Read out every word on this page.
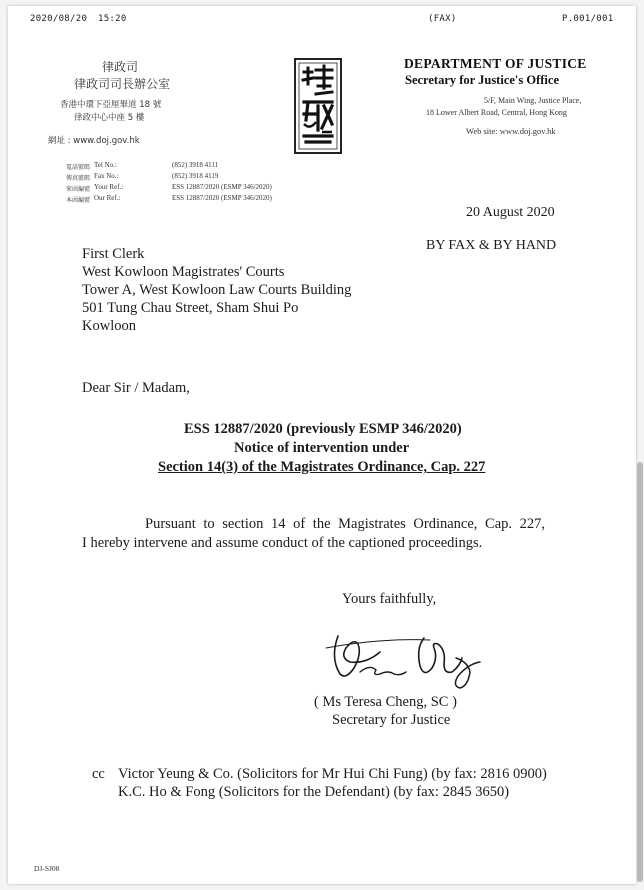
2020/08/20 15:20	(FAX)	P.001/001
律政司
律政司司長辦公室
香港中環下亞厘畢道 18 號
律政中心中座 5 樓
網址 : www.doj.gov.hk
DEPARTMENT OF JUSTICE
Secretary for Justice's Office
5/F, Main Wing, Justice Place,
18 Lower Albert Road, Central, Hong Kong
Web site: www.doj.gov.hk
電話號碼 Tel No.:	(852) 3918 4111
傳真號碼 Fax No.:	(852) 3918 4119
來函編號 Your Ref.:	ESS 12887/2020 (ESMP 346/2020)
本函編號 Our Ref.:	ESS 12887/2020 (ESMP 346/2020)
20 August 2020
BY FAX & BY HAND
First Clerk
West Kowloon Magistrates' Courts
Tower A, West Kowloon Law Courts Building
501 Tung Chau Street, Sham Shui Po
Kowloon
Dear Sir / Madam,
ESS 12887/2020 (previously ESMP 346/2020)
Notice of intervention under
Section 14(3) of the Magistrates Ordinance, Cap. 227
Pursuant to section 14 of the Magistrates Ordinance, Cap. 227,
I hereby intervene and assume conduct of the captioned proceedings.
Yours faithfully,
( Ms Teresa Cheng, SC )
Secretary for Justice
cc Victor Yeung & Co. (Solicitors for Mr Hui Chi Fung) (by fax: 2816 0900)
K.C. Ho & Fong (Solicitors for the Defendant) (by fax: 2845 3650)
DJ-SJ08
